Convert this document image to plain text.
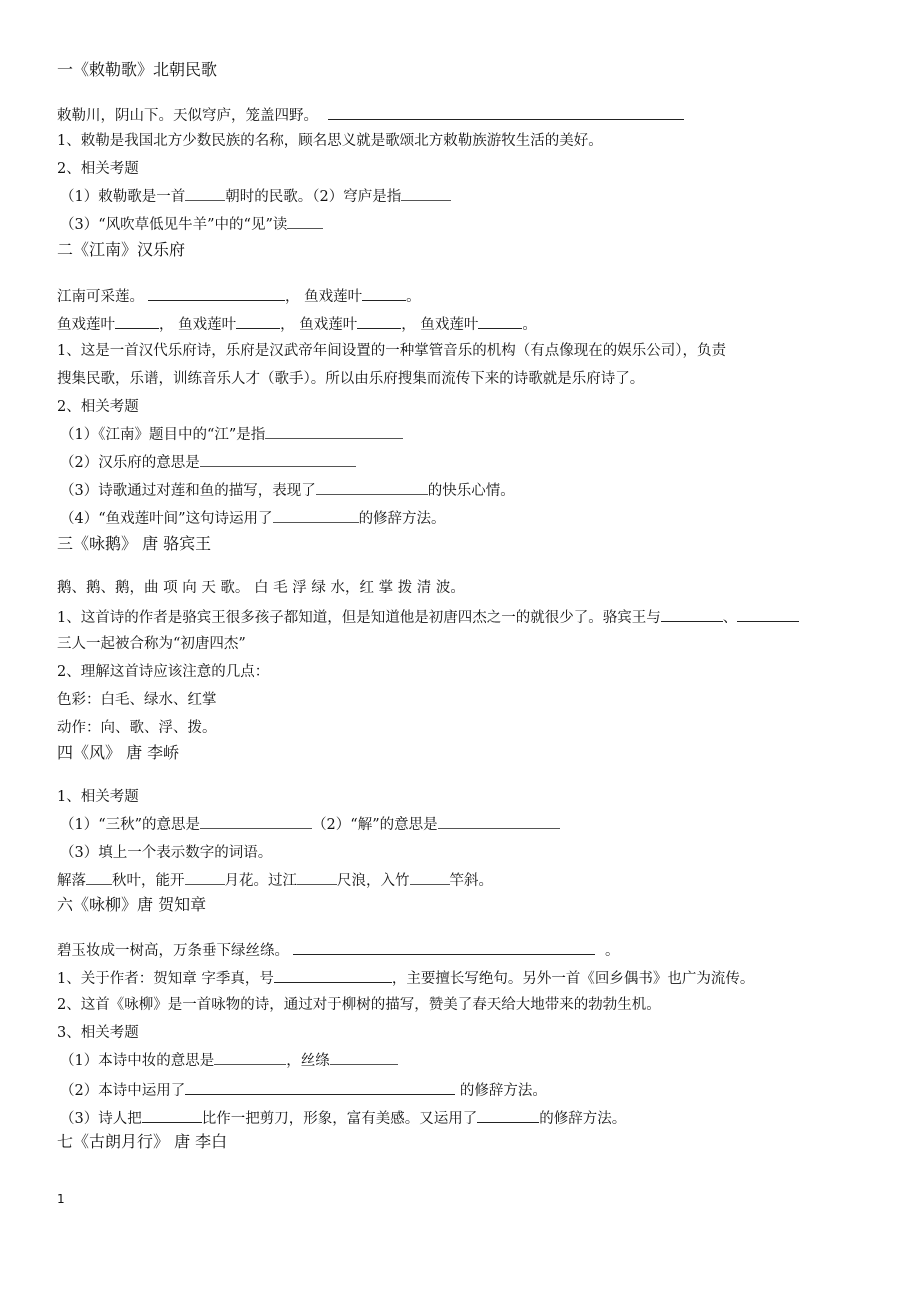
一《敕勒歌》北朝民歌
敕勒川，阴山下。天似穹庐，笼盖四野。
1、敕勒是我国北方少数民族的名称，顾名思义就是歌颂北方敕勒族游牧生活的美好。
2、相关考题
（1）敕勒歌是一首	朝时的民歌。（2）穹庐是指
（3）“风吹草低见牛羊”中的“见”读
二《江南》汉乐府
江南可采莲。	， 鱼戏莲叶	。
鱼戏莲叶	， 鱼戏莲叶	， 鱼戏莲叶	， 鱼戏莲叶	。
1、这是一首汉代乐府诗，乐府是汉武帝年间设置的一种掌管音乐的机构（有点像现在的娱乐公司），负责
搜集民歌，乐谱，训练音乐人才（歌手）。所以由乐府搜集而流传下来的诗歌就是乐府诗了。
2、相关考题
（1）《江南》题目中的“江”是指
（2）汉乐府的意思是
（3）诗歌通过对莲和鱼的描写，表现了	的快乐心情。
（4）“鱼戏莲叶间”这句诗运用了	的修辞方法。
三《咏鹅》 唐 骆宾王
鹅、鹅、鹅，曲 项 向 天 歌。 白 毛 浮 绿 水，红 掌 拨 清 波。
1、这首诗的作者是骆宾王很多孩子都知道，但是知道他是初唐四杰之一的就很少了。骆宾王与	、
三人一起被合称为“初唐四杰”
2、理解这首诗应该注意的几点：
色彩：白毛、绿水、红掌
动作：向、歌、浮、拨。
四《风》 唐 李峤
1、相关考题
（1）“三秋”的意思是	（2）“解”的意思是
（3）填上一个表示数字的词语。
解落 秋叶，能开	月花。过江	尺浪，入竹	竿斜。
六《咏柳》唐 贺知章
碧玉妆成一树高，万条垂下绿丝绦。	。
1、关于作者：贺知章 字季真，号	，主要擅长写绝句。另外一首《回乡偶书》也广为流传。
2、这首《咏柳》是一首咏物的诗，通过对于柳树的描写，赞美了春天给大地带来的勃勃生机。
3、相关考题
（1）本诗中妆的意思是	，丝绦
（2）本诗中运用了	的修辞方法。
（3）诗人把	比作一把剪刀，形象，富有美感。又运用了	的修辞方法。
七《古朗月行》 唐 李白
1
